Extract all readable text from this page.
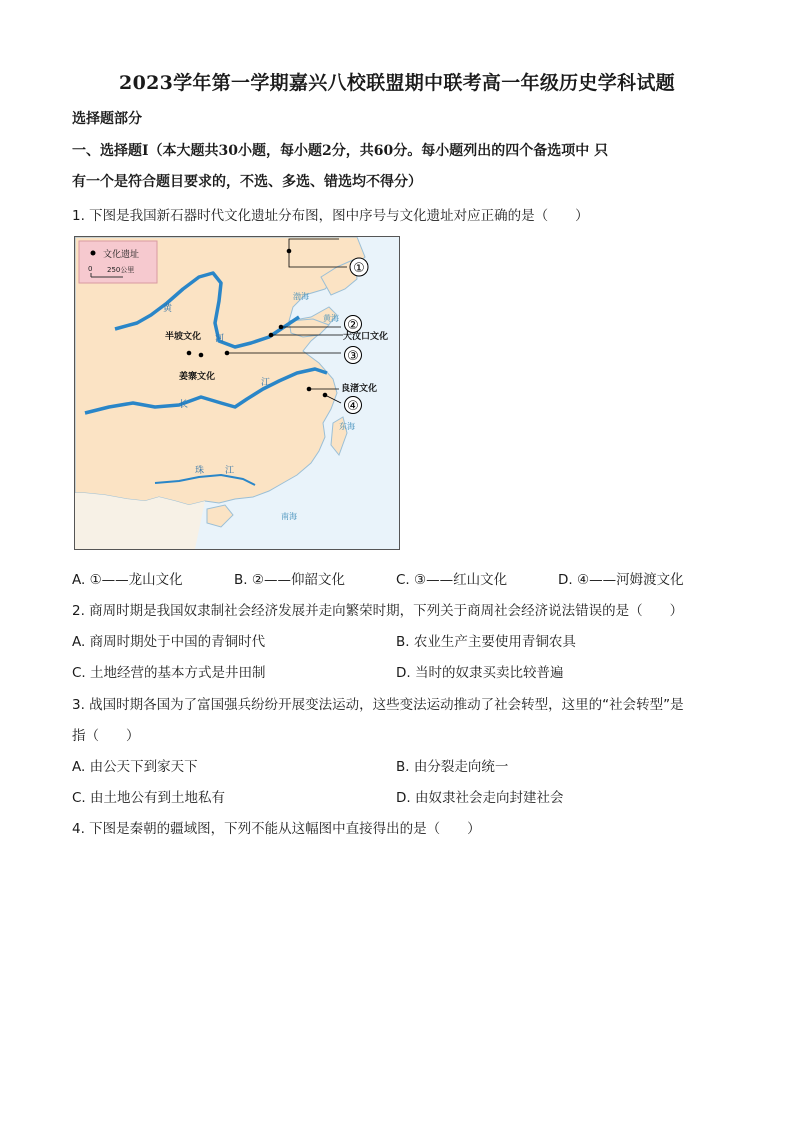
2023学年第一学期嘉兴八校联盟期中联考高一年级历史学科试题
选择题部分
一、选择题Ⅰ（本大题共30小题，每小题2分，共60分。每小题列出的四个备选项中 只
有一个是符合题目要求的，不选、多选、错选均不得分）
1. 下图是我国新石器时代文化遗址分布图，图中序号与文化遗址对应正确的是（　　）
文化遗址
0 250公里
渤海
黄海
东海
南海
黄
河
长
江
珠 江
半坡文化
姜寨文化
大汶口文化
良渚文化
①
②
③
④
A. ①——龙山文化	B. ②——仰韶文化	C. ③——红山文化	D. ④——河姆渡文化
2. 商周时期是我国奴隶制社会经济发展并走向繁荣时期，下列关于商周社会经济说法错误的是（　　）
A. 商周时期处于中国的青铜时代	B. 农业生产主要使用青铜农具
C. 土地经营的基本方式是井田制	D. 当时的奴隶买卖比较普遍
3. 战国时期各国为了富国强兵纷纷开展变法运动，这些变法运动推动了社会转型，这里的“社会转型”是
指（　　）
A. 由公天下到家天下	B. 由分裂走向统一
C. 由土地公有到土地私有	D. 由奴隶社会走向封建社会
4. 下图是秦朝的疆域图，下列不能从这幅图中直接得出的是（　　）
